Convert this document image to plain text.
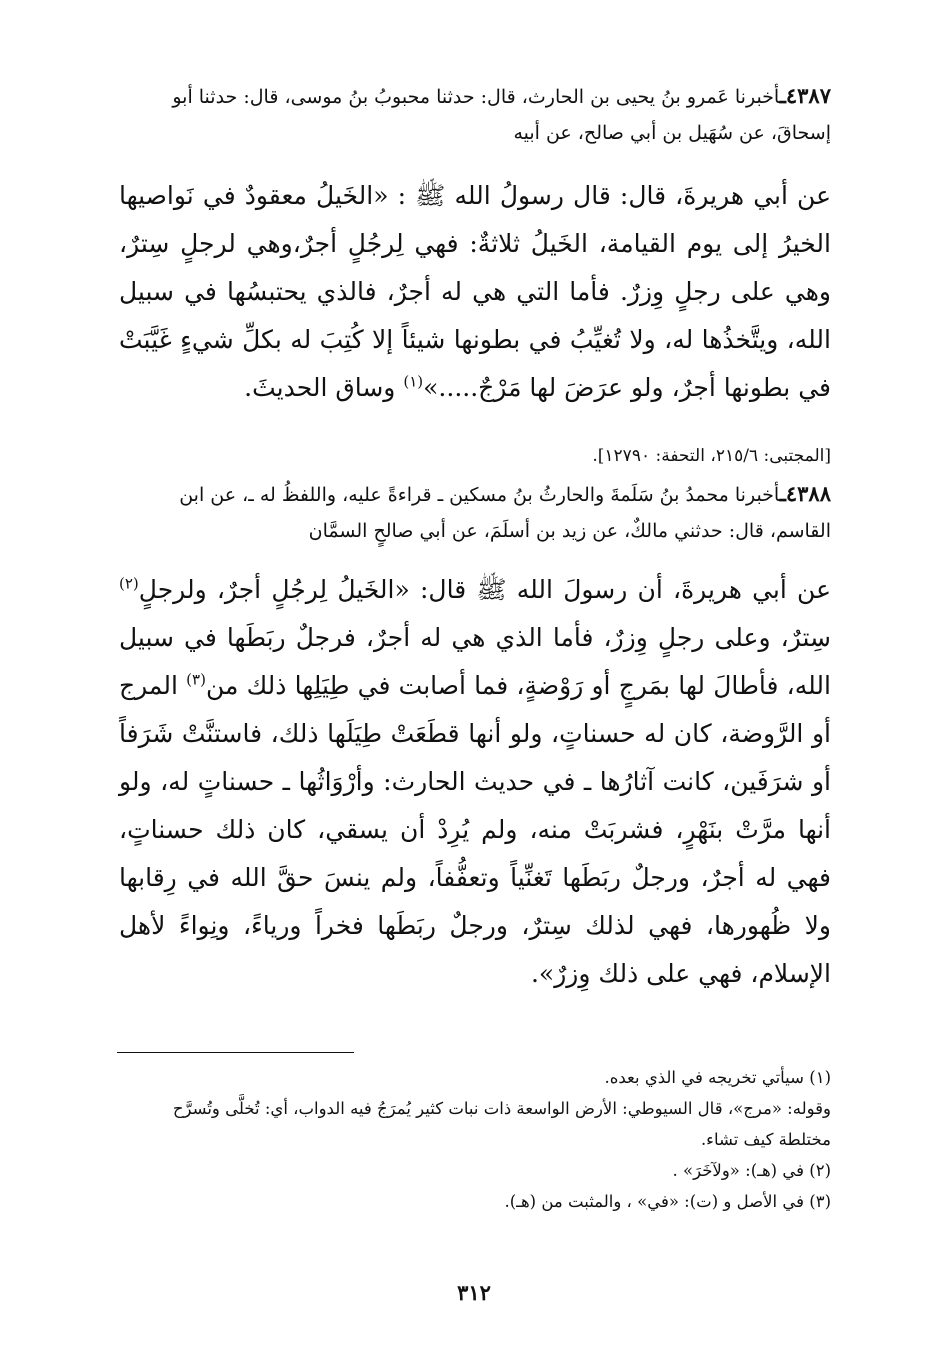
٤٣٨٧ـأخبرنا عَمرو بنُ يحيى بن الحارث، قال: حدثنا محبوبُ بنُ موسى، قال: حدثنا أبو إسحاقَ، عن سُهَيل بن أبي صالح، عن أبيه
عن أبي هريرةَ، قال: قال رسولُ الله ﷺ : «الخَيلُ معقودٌ في نَواصيها الخيرُ إلى يوم القيامة، الخَيلُ ثلاثةٌ: فهي لِرجُلٍ أجرٌ،وهي لرجلٍ سِترٌ، وهي على رجلٍ وِزرٌ. فأما التي هي له أجرٌ، فالذي يحتبسُها في سبيل الله، ويتَّخذُها له، ولا تُغيِّبُ في بطونها شيئاً إلا كُتِبَ له بكلِّ شيءٍ غَيَّبَتْ في بطونها أجرٌ، ولو عرَضَ لها مَرْجٌ.....»$^{(١)}$ وساق الحديثَ.
[المجتبى: ٢١٥/٦، التحفة: ١٢٧٩٠].
٤٣٨٨ـأخبرنا محمدُ بنُ سَلَمةَ والحارثُ بنُ مسكين ـ قراءةً عليه، واللفظُ له ـ، عن ابن القاسم، قال: حدثني مالكٌ، عن زيد بن أسلَمَ، عن أبي صالحٍ السمَّان
عن أبي هريرةَ، أن رسولَ الله ﷺ قال: «الخَيلُ لِرجُلٍ أجرٌ، ولرجلٍ$^{(٢)}$ سِترٌ، وعلى رجلٍ وِزرٌ، فأما الذي هي له أجرٌ، فرجلٌ ربَطَها في سبيل الله، فأطالَ لها بمَرجٍ أو رَوْضةٍ، فما أصابت في طِيَلِها ذلك من$^{(٣)}$ المرج أو الرَّوضة، كان له حسناتٍ، ولو أنها قطَعَتْ طِيَلَها ذلك، فاستنَّتْ شَرَفاً أو شرَفَين، كانت آثارُها ـ في حديث الحارث: وأرْوَاثُها ـ حسناتٍ له، ولو أنها مرَّتْ بنَهْرٍ، فشربَتْ منه، ولم يُرِدْ أن يسقي، كان ذلك حسناتٍ، فهي له أجرٌ، ورجلٌ ربَطَها تَغنِّياً وتعفُّفاً، ولم ينسَ حقَّ الله في رِقابها ولا ظُهورها، فهي لذلك سِترٌ، ورجلٌ ربَطَها فخراً ورياءً، ونِواءً لأهل الإسلام، فهي على ذلك وِزرٌ».
(١) سيأتي تخريجه في الذي بعده.
وقوله: «مرج»، قال السيوطي: الأرض الواسعة ذات نبات كثير يُمرَجُ فيه الدواب، أي: تُخلَّى وتُسرَّح مختلطة كيف تشاء.
(٢) في (هـ): «ولآخَرَ» .
(٣) في الأصل و (ت): «في» ، والمثبت من (هـ).
٣١٢
